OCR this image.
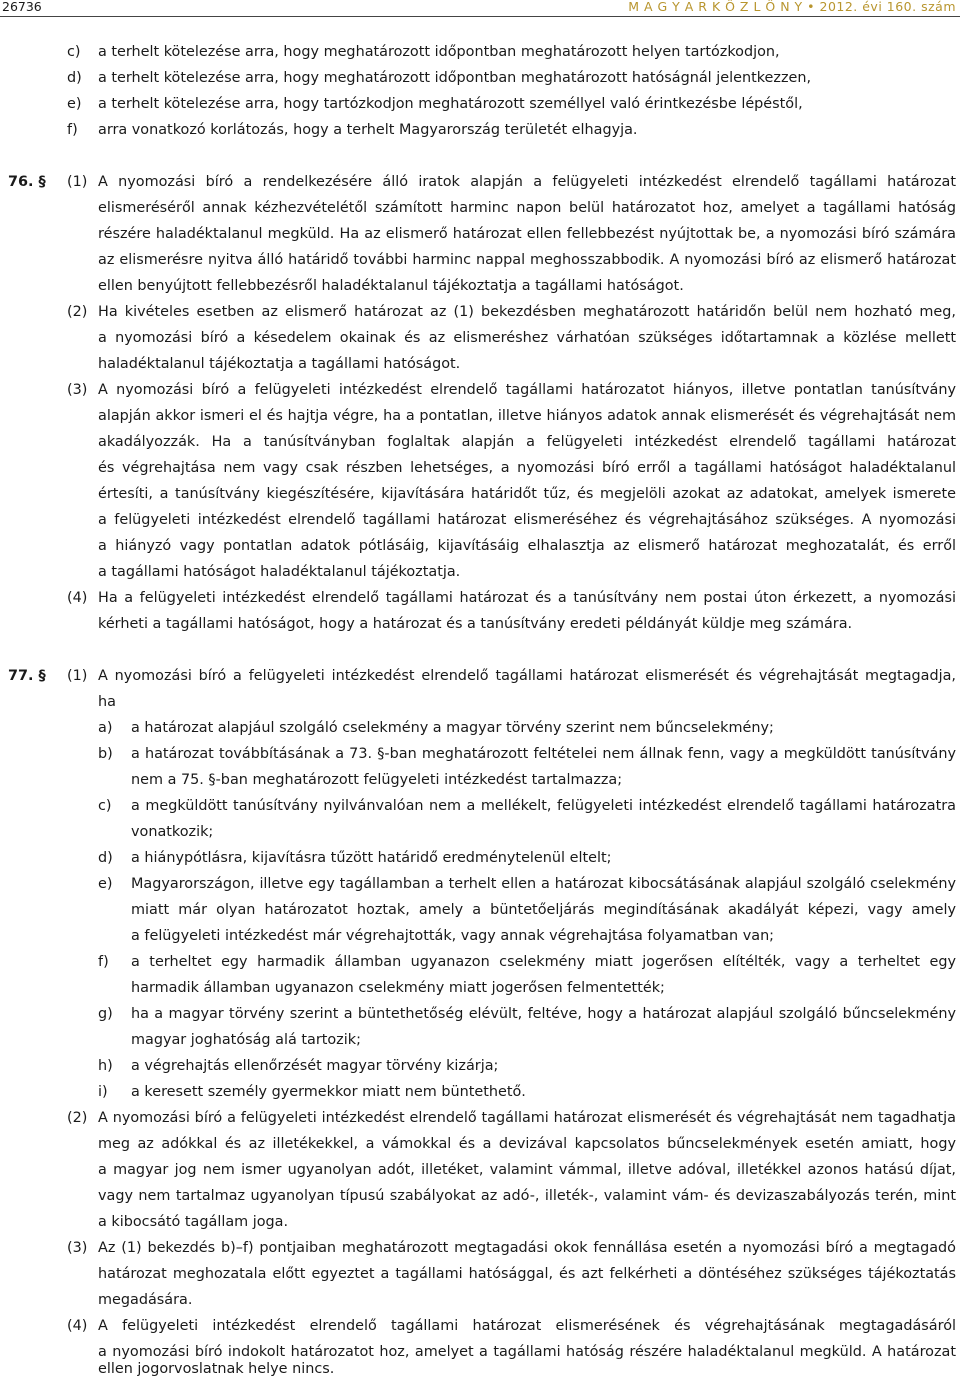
26736	M A G Y A R K Ö Z L Ö N Y • 2012. évi 160. szám
c) a terhelt kötelezése arra, hogy meghatározott időpontban meghatározott helyen tartózkodjon,
d) a terhelt kötelezése arra, hogy meghatározott időpontban meghatározott hatóságnál jelentkezzen,
e) a terhelt kötelezése arra, hogy tartózkodjon meghatározott személlyel való érintkezésbe lépéstől,
f) arra vonatkozó korlátozás, hogy a terhelt Magyarország területét elhagyja.
76. § (1) A nyomozási bíró a rendelkezésére álló iratok alapján a felügyeleti intézkedést elrendelő tagállami határozat
elismeréséről annak kézhezvételétől számított harminc napon belül határozatot hoz, amelyet a tagállami hatóság
részére haladéktalanul megküld. Ha az elismerő határozat ellen fellebbezést nyújtottak be, a nyomozási bíró számára
az elismerésre nyitva álló határidő további harminc nappal meghosszabbodik. A nyomozási bíró az elismerő határozat
ellen benyújtott fellebbezésről haladéktalanul tájékoztatja a tagállami hatóságot.
(2) Ha kivételes esetben az elismerő határozat az (1) bekezdésben meghatározott határidőn belül nem hozható meg,
a nyomozási bíró a késedelem okainak és az elismeréshez várhatóan szükséges időtartamnak a közlése mellett
haladéktalanul tájékoztatja a tagállami hatóságot.
(3) A nyomozási bíró a felügyeleti intézkedést elrendelő tagállami határozatot hiányos, illetve pontatlan tanúsítvány
alapján akkor ismeri el és hajtja végre, ha a pontatlan, illetve hiányos adatok annak elismerését és végrehajtását nem
akadályozzák. Ha a tanúsítványban foglaltak alapján a felügyeleti intézkedést elrendelő tagállami határozat
és végrehajtása nem vagy csak részben lehetséges, a nyomozási bíró erről a tagállami hatóságot haladéktalanul
értesíti, a tanúsítvány kiegészítésére, kijavítására határidőt tűz, és megjelöli azokat az adatokat, amelyek ismerete
a felügyeleti intézkedést elrendelő tagállami határozat elismeréséhez és végrehajtásához szükséges. A nyomozási
a hiányzó vagy pontatlan adatok pótlásáig, kijavításáig elhalasztja az elismerő határozat meghozatalát, és erről
a tagállami hatóságot haladéktalanul tájékoztatja.
(4) Ha a felügyeleti intézkedést elrendelő tagállami határozat és a tanúsítvány nem postai úton érkezett, a nyomozási
kérheti a tagállami hatóságot, hogy a határozat és a tanúsítvány eredeti példányát küldje meg számára.
77. § (1) A nyomozási bíró a felügyeleti intézkedést elrendelő tagállami határozat elismerését és végrehajtását megtagadja,
ha
a) a határozat alapjául szolgáló cselekmény a magyar törvény szerint nem bűncselekmény;
b) a határozat továbbításának a 73. §-ban meghatározott feltételei nem állnak fenn, vagy a megküldött tanúsítvány
nem a 75. §-ban meghatározott felügyeleti intézkedést tartalmazza;
c) a megküldött tanúsítvány nyilvánvalóan nem a mellékelt, felügyeleti intézkedést elrendelő tagállami határozatra
vonatkozik;
d) a hiánypótlásra, kijavításra tűzött határidő eredménytelenül eltelt;
e) Magyarországon, illetve egy tagállamban a terhelt ellen a határozat kibocsátásának alapjául szolgáló cselekmény
miatt már olyan határozatot hoztak, amely a büntetőeljárás megindításának akadályát képezi, vagy amely
a felügyeleti intézkedést már végrehajtották, vagy annak végrehajtása folyamatban van;
f) a terheltet egy harmadik államban ugyanazon cselekmény miatt jogerősen elítélték, vagy a terheltet egy
harmadik államban ugyanazon cselekmény miatt jogerősen felmentették;
g) ha a magyar törvény szerint a büntethetőség elévült, feltéve, hogy a határozat alapjául szolgáló bűncselekmény
magyar joghatóság alá tartozik;
h) a végrehajtás ellenőrzését magyar törvény kizárja;
i) a keresett személy gyermekkor miatt nem büntethető.
(2) A nyomozási bíró a felügyeleti intézkedést elrendelő tagállami határozat elismerését és végrehajtását nem tagadhatja
meg az adókkal és az illetékekkel, a vámokkal és a devizával kapcsolatos bűncselekmények esetén amiatt, hogy
a magyar jog nem ismer ugyanolyan adót, illetéket, valamint vámmal, illetve adóval, illetékkel azonos hatású díjat,
vagy nem tartalmaz ugyanolyan típusú szabályokat az adó-, illeték-, valamint vám- és devizaszabályozás terén, mint
a kibocsátó tagállam joga.
(3) Az (1) bekezdés b)–f) pontjaiban meghatározott megtagadási okok fennállása esetén a nyomozási bíró a megtagadó
határozat meghozatala előtt egyeztet a tagállami hatósággal, és azt felkérheti a döntéséhez szükséges tájékoztatás
megadására.
(4) A felügyeleti intézkedést elrendelő tagállami határozat elismerésének és végrehajtásának megtagadásáról
a nyomozási bíró indokolt határozatot hoz, amelyet a tagállami hatóság részére haladéktalanul megküld. A határozat
ellen jogorvoslatnak helye nincs.
